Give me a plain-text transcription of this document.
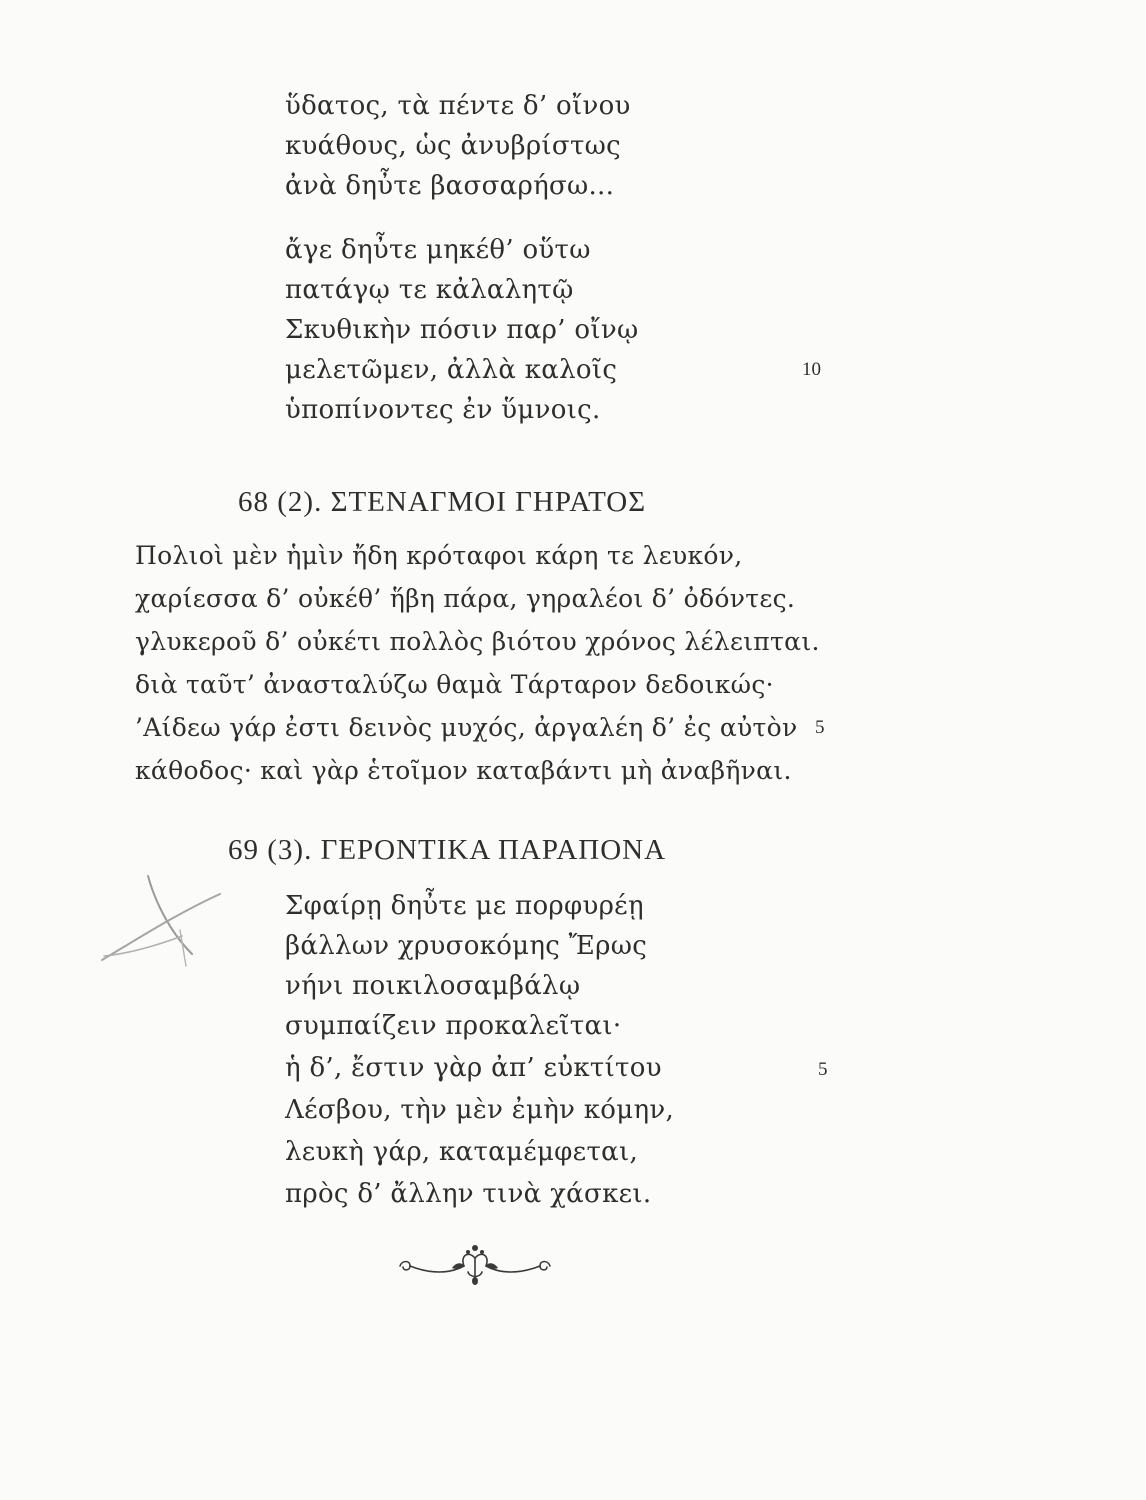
ὕδατος, τὰ πέντε δ’ οἴνου
κυάθους, ὡς ἀνυβρίστως
ἀνὰ δηὖτε βασσαρήσω...
ἄγε δηὖτε μηκέθ’ οὕτω
πατάγῳ τε κἀλαλητῷ
Σκυθικὴν πόσιν παρ’ οἴνῳ
μελετῶμεν, ἀλλὰ καλοῖς	10
ὑποπίνοντες ἐν ὕμνοις.
68 (2). ΣΤΕΝΑΓΜΟΙ ΓΗΡΑΤΟΣ
Πολιοὶ μὲν ἡμὶν ἤδη κρόταφοι κάρη τε λευκόν,
χαρίεσσα δ’ οὐκέθ’ ἥβη πάρα, γηραλέοι δ’ ὀδόντες.
γλυκεροῦ δ’ οὐκέτι πολλὸς βιότου χρόνος λέλειπται.
διὰ ταῦτ’ ἀνασταλύζω θαμὰ Τάρταρον δεδοικώς·
’Αίδεω γάρ ἐστι δεινὸς μυχός, ἀργαλέη δ’ ἐς αὐτὸν 5
κάθοδος· καὶ γὰρ ἑτοῖμον καταβάντι μὴ ἀναβῆναι.
69 (3). ΓΕΡΟΝΤΙΚΑ ΠΑΡΑΠΟΝΑ
Σφαίρῃ δηὖτε με πορφυρέῃ
βάλλων χρυσοκόμης Ἔρως
νήνι ποικιλοσαμβάλῳ
συμπαίζειν προκαλεῖται·
ἡ δ’, ἔστιν γὰρ ἀπ’ εὐκτίτου	5
Λέσβου, τὴν μὲν ἐμὴν κόμην,
λευκὴ γάρ, καταμέμφεται,
πρὸς δ’ ἄλλην τινὰ χάσκει.
